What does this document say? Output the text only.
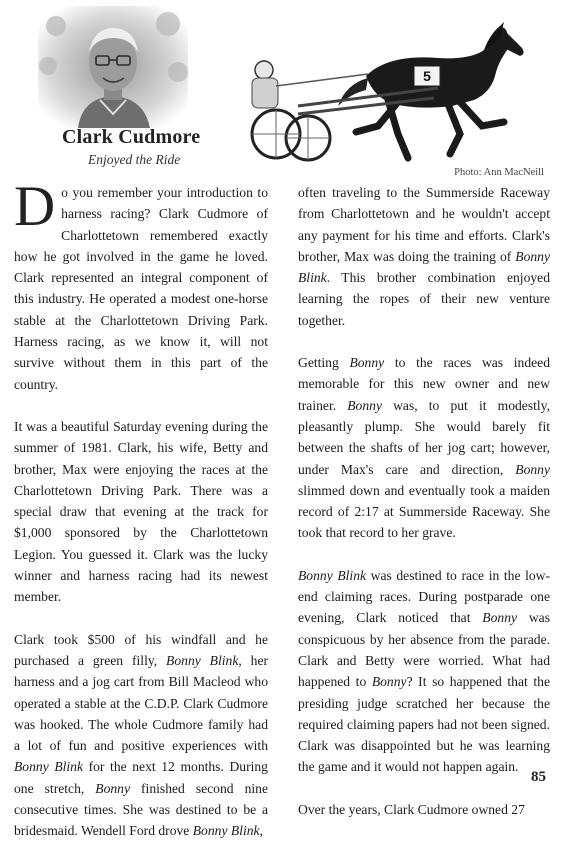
5
Clark Cudmore
Enjoyed the Ride
Photo: Ann MacNeill

Do you remember your introduction to harness racing? Clark Cudmore of Charlottetown remembered exactly how he got involved in the game he loved. Clark represented an integral component of this industry. He operated a modest one-horse stable at the Charlottetown Driving Park. Harness racing, as we know it, will not survive without them in this part of the country.

It was a beautiful Saturday evening during the summer of 1981. Clark, his wife, Betty and brother, Max were enjoying the races at the Charlottetown Driving Park. There was a special draw that evening at the track for $1,000 sponsored by the Charlottetown Legion. You guessed it. Clark was the lucky winner and harness racing had its newest member.

Clark took $500 of his windfall and he purchased a green filly, Bonny Blink, her harness and a jog cart from Bill Macleod who operated a stable at the C.D.P. Clark Cudmore was hooked. The whole Cudmore family had a lot of fun and positive experiences with Bonny Blink for the next 12 months. During one stretch, Bonny finished second nine consecutive times. She was destined to be a bridesmaid. Wendell Ford drove Bonny Blink,

often traveling to the Summerside Raceway from Charlottetown and he wouldn't accept any payment for his time and efforts. Clark's brother, Max was doing the training of Bonny Blink. This brother combination enjoyed learning the ropes of their new venture together.

Getting Bonny to the races was indeed memorable for this new owner and new trainer. Bonny was, to put it modestly, pleasantly plump. She would barely fit between the shafts of her jog cart; however, under Max's care and direction, Bonny slimmed down and eventually took a maiden record of 2:17 at Summerside Raceway. She took that record to her grave.

Bonny Blink was destined to race in the low-end claiming races. During postparade one evening, Clark noticed that Bonny was conspicuous by her absence from the parade. Clark and Betty were worried. What had happened to Bonny? It so happened that the presiding judge scratched her because the required claiming papers had not been signed. Clark was disappointed but he was learning the game and it would not happen again.

Over the years, Clark Cudmore owned 27

85
